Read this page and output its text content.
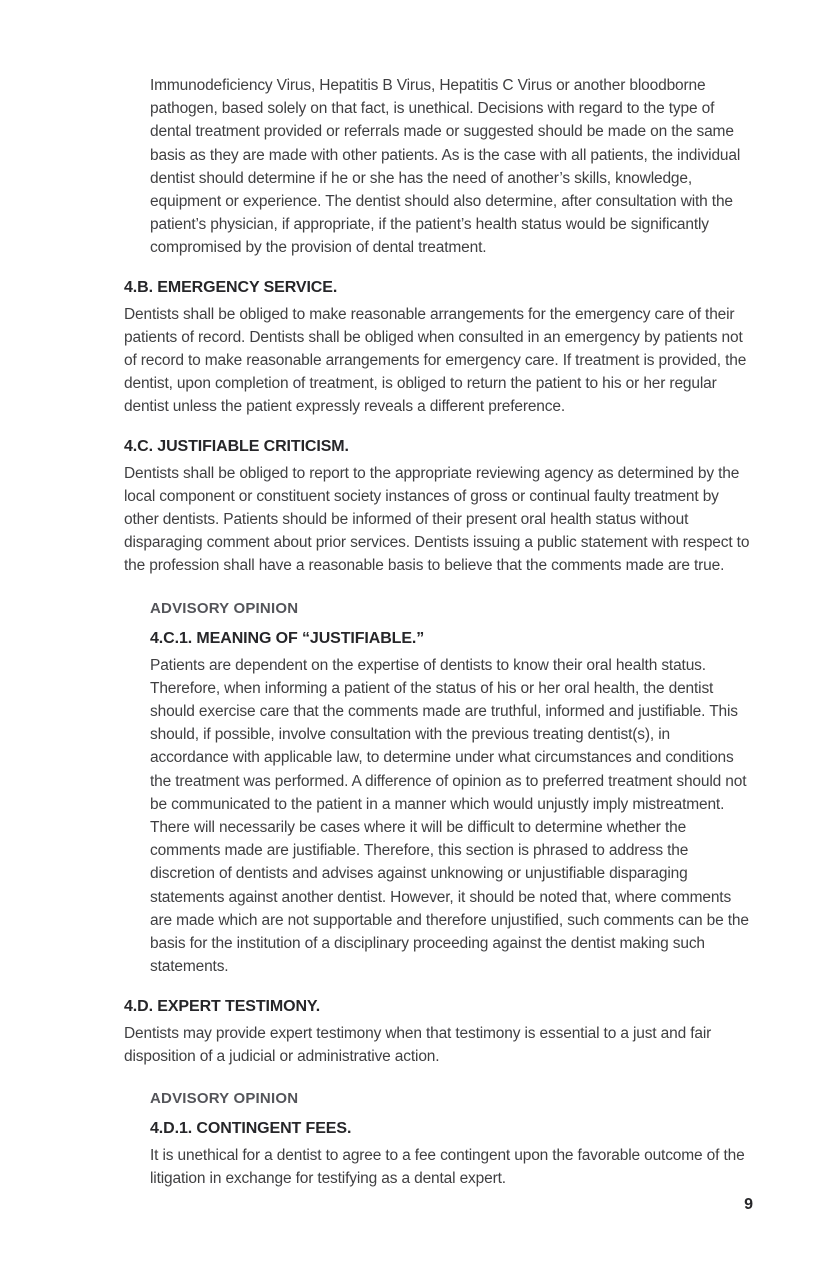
Immunodeficiency Virus, Hepatitis B Virus, Hepatitis C Virus or another bloodborne pathogen, based solely on that fact, is unethical. Decisions with regard to the type of dental treatment provided or referrals made or suggested should be made on the same basis as they are made with other patients. As is the case with all patients, the individual dentist should determine if he or she has the need of another’s skills, knowledge, equipment or experience. The dentist should also determine, after consultation with the patient’s physician, if appropriate, if the patient’s health status would be significantly compromised by the provision of dental treatment.

4.B. EMERGENCY SERVICE.

Dentists shall be obliged to make reasonable arrangements for the emergency care of their patients of record. Dentists shall be obliged when consulted in an emergency by patients not of record to make reasonable arrangements for emergency care. If treatment is provided, the dentist, upon completion of treatment, is obliged to return the patient to his or her regular dentist unless the patient expressly reveals a different preference.

4.C. JUSTIFIABLE CRITICISM.

Dentists shall be obliged to report to the appropriate reviewing agency as determined by the local component or constituent society instances of gross or continual faulty treatment by other dentists. Patients should be informed of their present oral health status without disparaging comment about prior services. Dentists issuing a public statement with respect to the profession shall have a reasonable basis to believe that the comments made are true.

ADVISORY OPINION
4.C.1. MEANING OF “JUSTIFIABLE.”

Patients are dependent on the expertise of dentists to know their oral health status. Therefore, when informing a patient of the status of his or her oral health, the dentist should exercise care that the comments made are truthful, informed and justifiable. This should, if possible, involve consultation with the previous treating dentist(s), in accordance with applicable law, to determine under what circumstances and conditions the treatment was performed. A difference of opinion as to preferred treatment should not be communicated to the patient in a manner which would unjustly imply mistreatment. There will necessarily be cases where it will be difficult to determine whether the comments made are justifiable. Therefore, this section is phrased to address the discretion of dentists and advises against unknowing or unjustifiable disparaging statements against another dentist. However, it should be noted that, where comments are made which are not supportable and therefore unjustified, such comments can be the basis for the institution of a disciplinary proceeding against the dentist making such statements.

4.D. EXPERT TESTIMONY.

Dentists may provide expert testimony when that testimony is essential to a just and fair disposition of a judicial or administrative action.

ADVISORY OPINION
4.D.1. CONTINGENT FEES.

It is unethical for a dentist to agree to a fee contingent upon the favorable outcome of the litigation in exchange for testifying as a dental expert.

9
